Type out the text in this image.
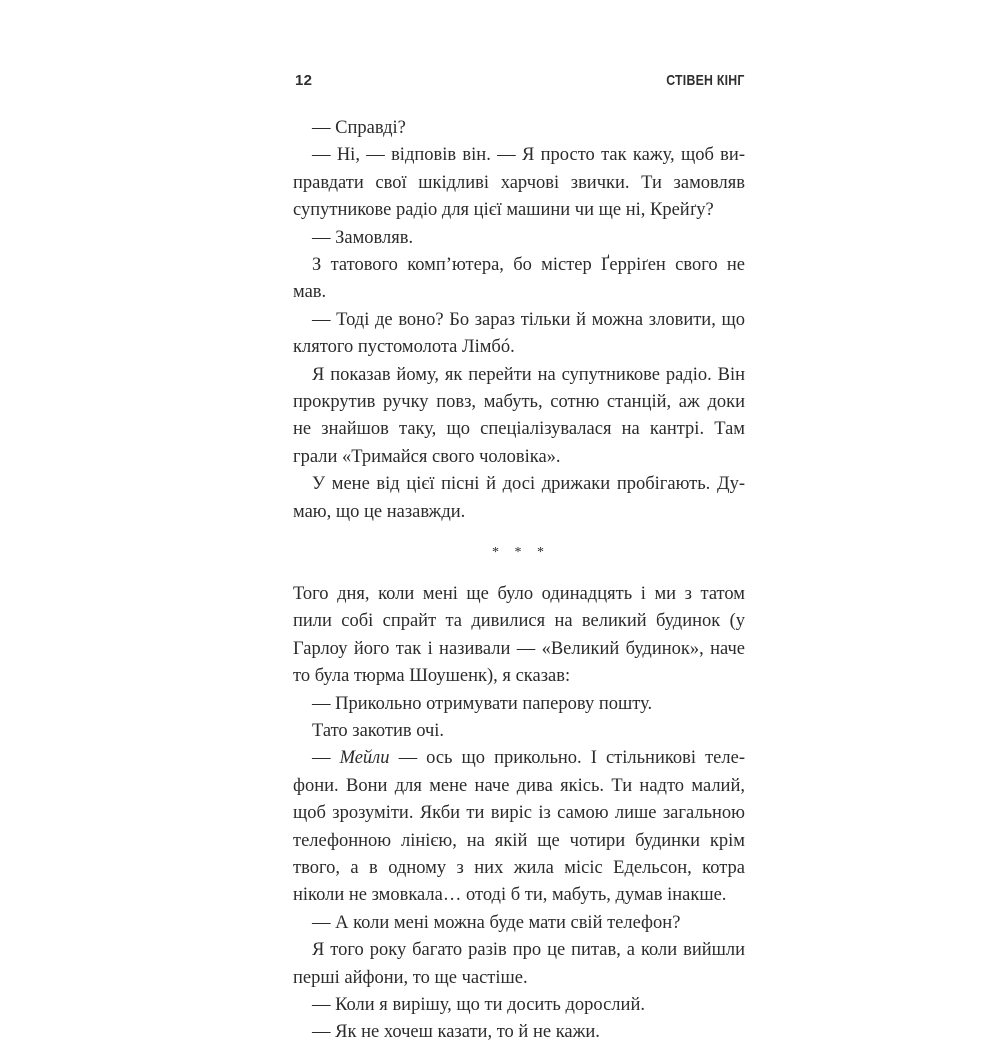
12	СТІВЕН КІНГ

— Справді?

— Ні, — відповів він. — Я просто так кажу, щоб виправдати свої шкідливі харчові звички. Ти замовляв супутникове радіо для цієї машини чи ще ні, Крейґу?

— Замовляв.

З татового комп’ютера, бо містер Ґерріґен свого не мав.

— Тоді де воно? Бо зараз тільки й можна зловити, що клятого пустомолота Лімбó.

Я показав йому, як перейти на супутникове радіо. Він прокрутив ручку повз, мабуть, сотню станцій, аж доки не знайшов таку, що спеціалізувалася на кантрі. Там грали «Тримайся свого чоловіка».

У мене від цієї пісні й досі дрижаки пробігають. Думаю, що це назавжди.

* * *

Того дня, коли мені ще було одинадцять і ми з татом пили собі спрайт та дивилися на великий будинок (у Гарлоу його так і називали — «Великий будинок», наче то була тюрма Шоушенк), я сказав:

— Прикольно отримувати паперову пошту.

Тато закотив очі.

— Мейли — ось що прикольно. І стільникові телефони. Вони для мене наче дива якісь. Ти надто малий, щоб зрозуміти. Якби ти виріс із самою лише загальною телефонною лінією, на якій ще чотири будинки крім твого, а в одному з них жила місіс Едельсон, котра ніколи не змовкала… отоді б ти, мабуть, думав інакше.

— А коли мені можна буде мати свій телефон?

Я того року багато разів про це питав, а коли вийшли перші айфони, то ще частіше.

— Коли я вирішу, що ти досить дорослий.

— Як не хочеш казати, то й не кажи.
